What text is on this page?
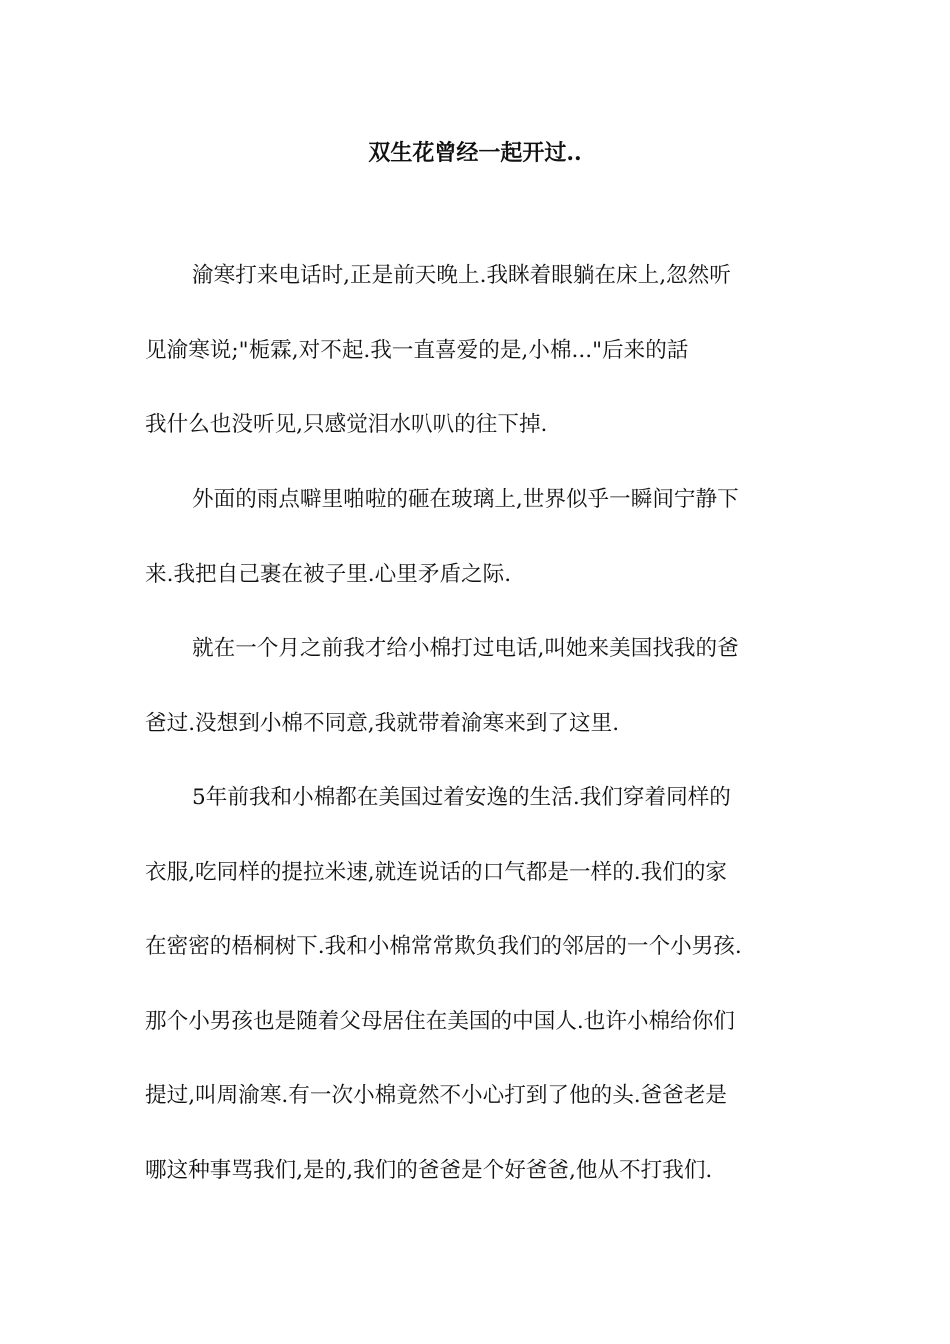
双生花曾经一起开过..

渝寒打来电话时,正是前天晚上.我眯着眼躺在床上,忽然听

见渝寒说;"栀霖,对不起.我一直喜爱的是,小棉..."后来的話

我什么也没听见,只感觉泪水叭叭的往下掉.

外面的雨点噼里啪啦的砸在玻璃上,世界似乎一瞬间宁静下

来.我把自己裹在被子里.心里矛盾之际.

就在一个月之前我才给小棉打过电话,叫她来美国找我的爸

爸过.没想到小棉不同意,我就带着渝寒来到了这里.

5年前我和小棉都在美国过着安逸的生活.我们穿着同样的

衣服,吃同样的提拉米速,就连说话的口气都是一样的.我们的家

在密密的梧桐树下.我和小棉常常欺负我们的邻居的一个小男孩.

那个小男孩也是随着父母居住在美国的中国人.也许小棉给你们

提过,叫周渝寒.有一次小棉竟然不小心打到了他的头.爸爸老是

哪这种事骂我们,是的,我们的爸爸是个好爸爸,他从不打我们.
